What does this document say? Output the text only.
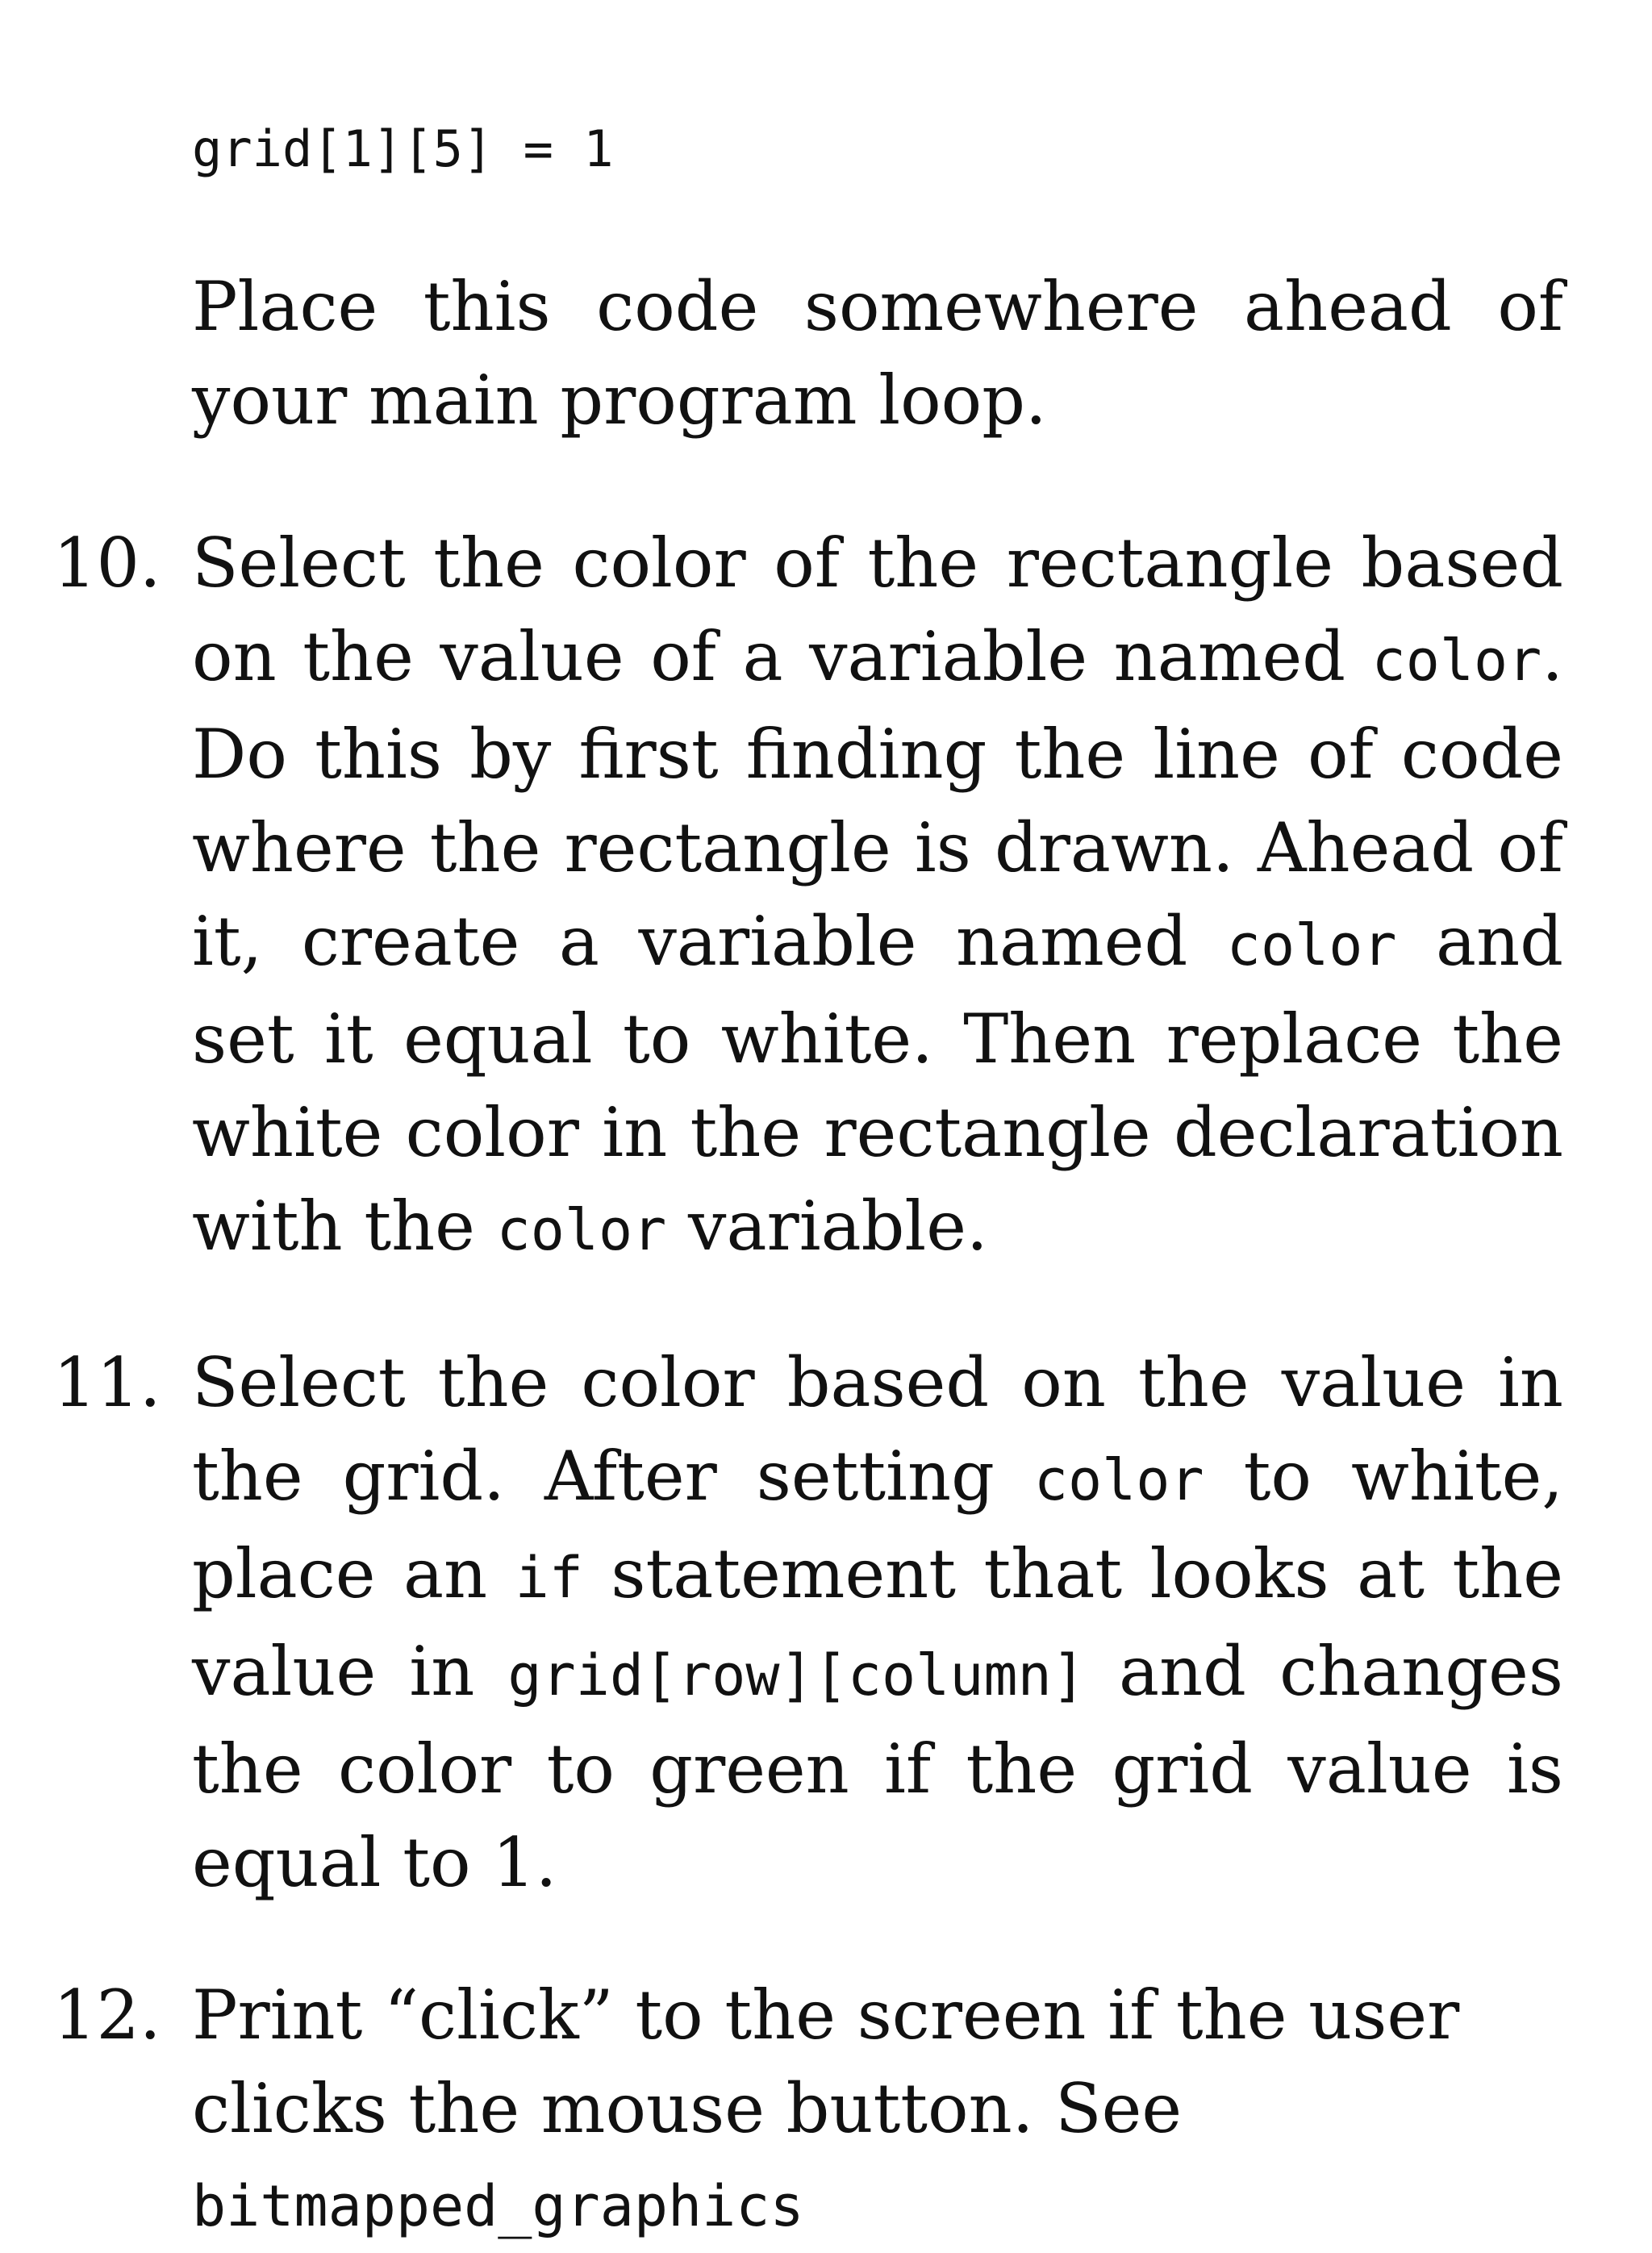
grid[1][5] = 1
Place this code somewhere ahead of your main program loop.
10. Select the color of the rectangle based on the value of a variable named color. Do this by first finding the line of code where the rectangle is drawn. Ahead of it, create a variable named color and set it equal to white. Then replace the white color in the rectangle declaration with the color variable.
11. Select the color based on the value in the grid. After setting color to white, place an if statement that looks at the value in grid[row][column] and changes the color to green if the grid value is equal to 1.
12. Print “click” to the screen if the user clicks the mouse button. See bitmapped_graphics
